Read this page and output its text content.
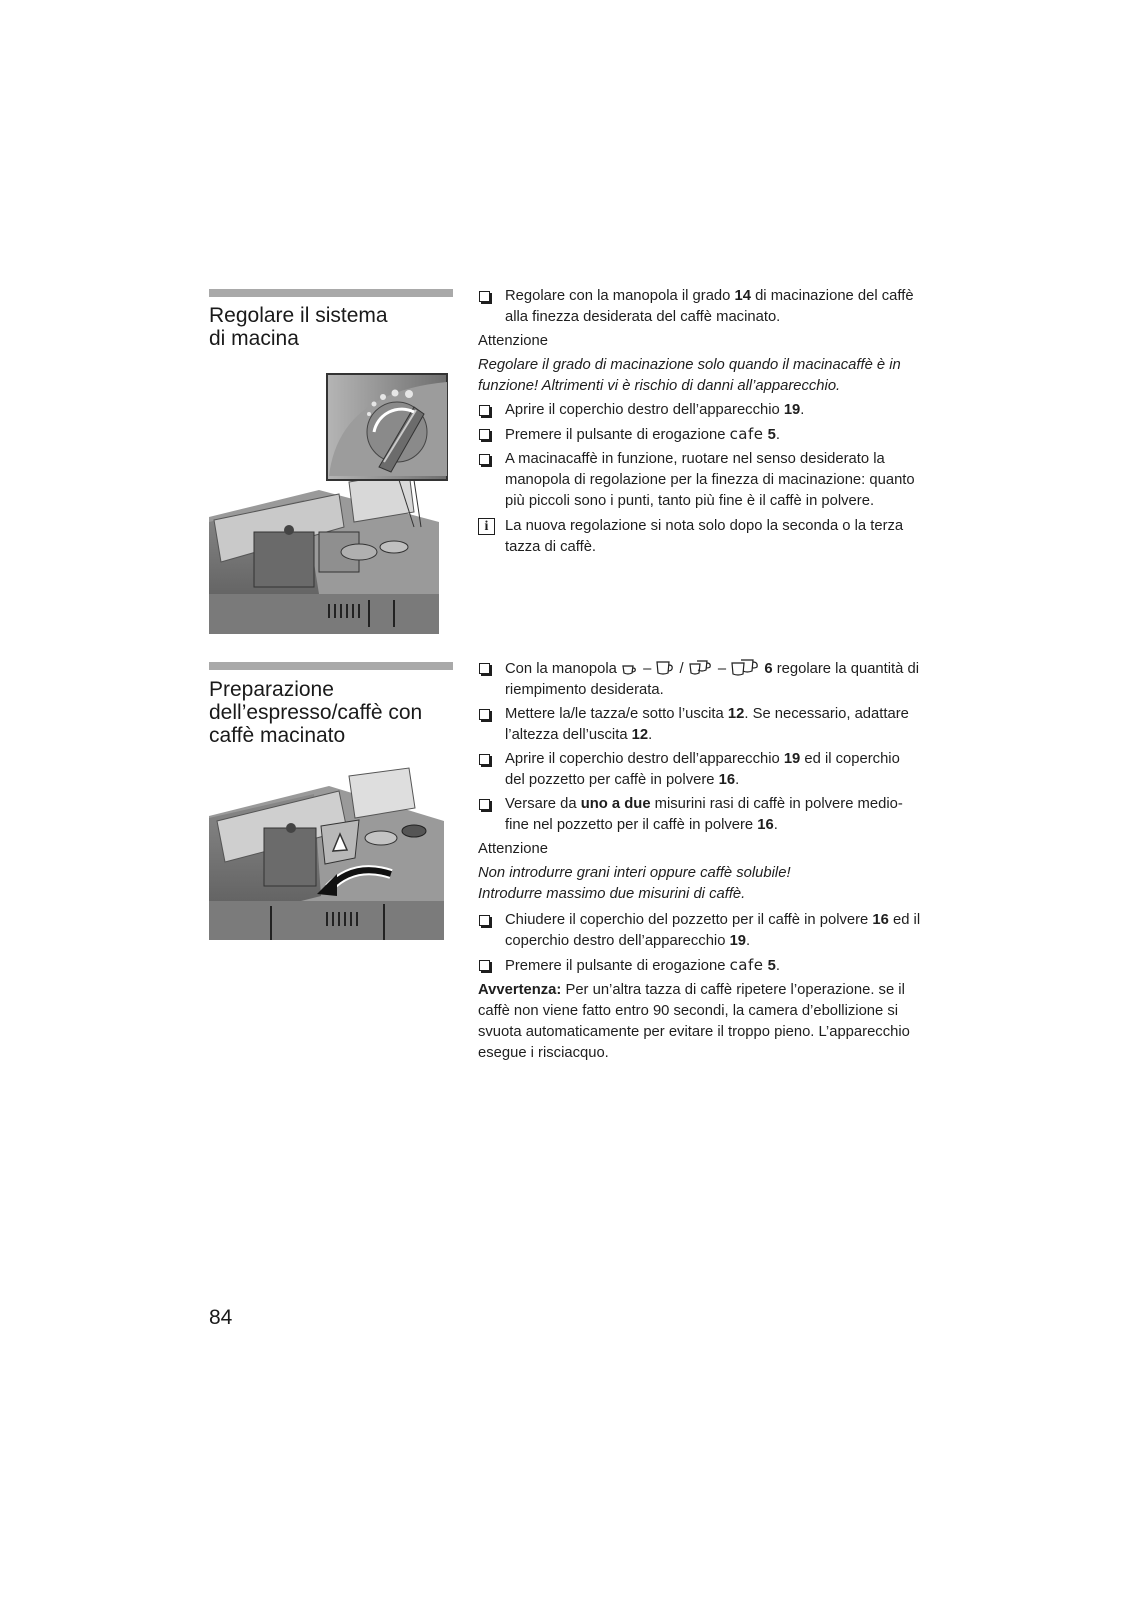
Regolare il sistema
di macina
Regolare con la manopola il grado 14 di macinazione del caffè alla finezza desiderata del caffè macinato.

Attenzione

Regolare il grado di macinazione solo quando il macinacaffè è in funzione! Altrimenti vi è rischio di danni all’apparecchio.

Aprire il coperchio destro dell’apparecchio 19.
Premere il pulsante di erogazione cafe 5.
A macinacaffè in funzione, ruotare nel senso desiderato la manopola di regolazione per la finezza di macinazione: quanto più piccoli sono i punti, tanto più fine è il caffè in polvere.
i	La nuova regolazione si nota solo dopo la seconda o la terza tazza di caffè.
Preparazione
dell’espresso/caffè con
caffè macinato
Con la manopola  –  /  –  6 regolare la quantità di riempimento desiderata.
Mettere la/le tazza/e sotto l’uscita 12. Se necessario, adattare l’altezza dell’uscita 12.
Aprire il coperchio destro dell’apparecchio 19 ed il coperchio del pozzetto per caffè in polvere 16.
Versare da uno a due misurini rasi di caffè in polvere medio-fine nel pozzetto per il caffè in polvere 16.

Attenzione

Non introdurre grani interi oppure caffè solubile!
Introdurre massimo due misurini di caffè.

Chiudere il coperchio del pozzetto per il caffè in polvere 16 ed il coperchio destro dell’apparecchio 19.
Premere il pulsante di erogazione cafe 5.

Avvertenza: Per un’altra tazza di caffè ripetere l’operazione. se il caffè non viene fatto entro 90 secondi, la camera d’ebollizione si svuota automaticamente per evitare il troppo pieno. L’apparecchio esegue i risciacquo.

84
